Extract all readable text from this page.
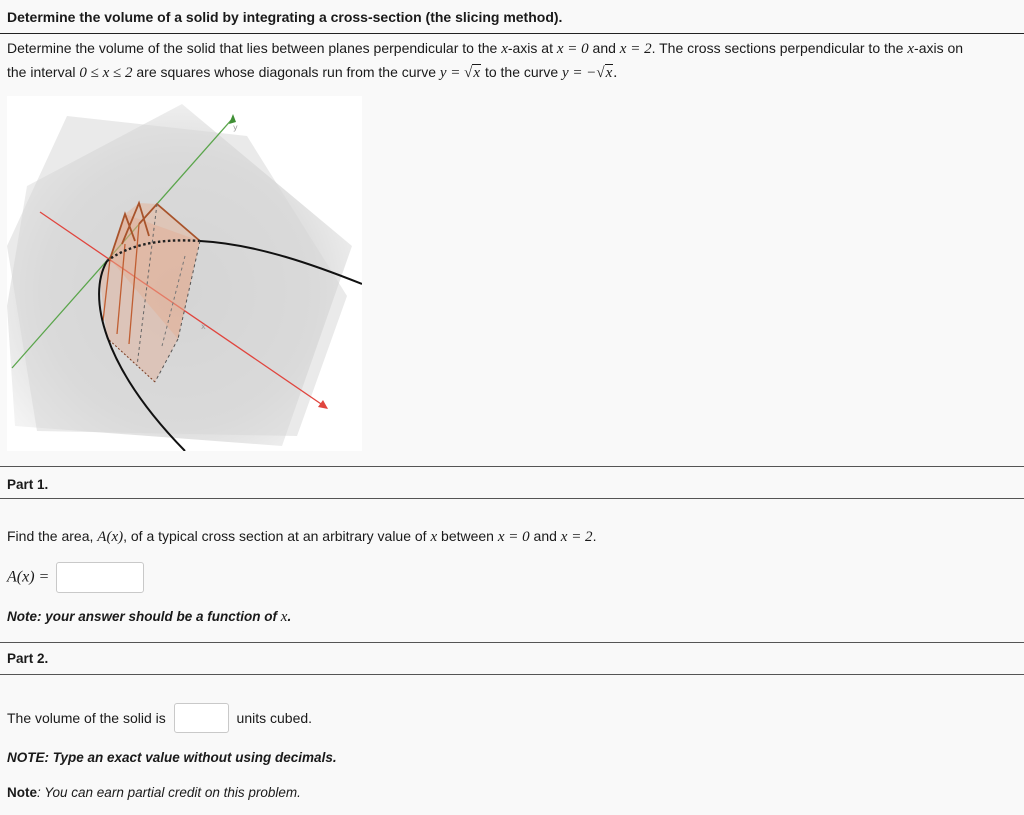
Determine the volume of a solid by integrating a cross-section (the slicing method).
Determine the volume of the solid that lies between planes perpendicular to the x-axis at x = 0 and x = 2. The cross sections perpendicular to the x-axis on
the interval 0 ≤ x ≤ 2 are squares whose diagonals run from the curve y = √x to the curve y = −√x.
y
x
Part 1.
Find the area, A(x), of a typical cross section at an arbitrary value of x between x = 0 and x = 2.
A(x) =
Note: your answer should be a function of x.
Part 2.
The volume of the solid is	units cubed.
NOTE: Type an exact value without using decimals.
Note: You can earn partial credit on this problem.
